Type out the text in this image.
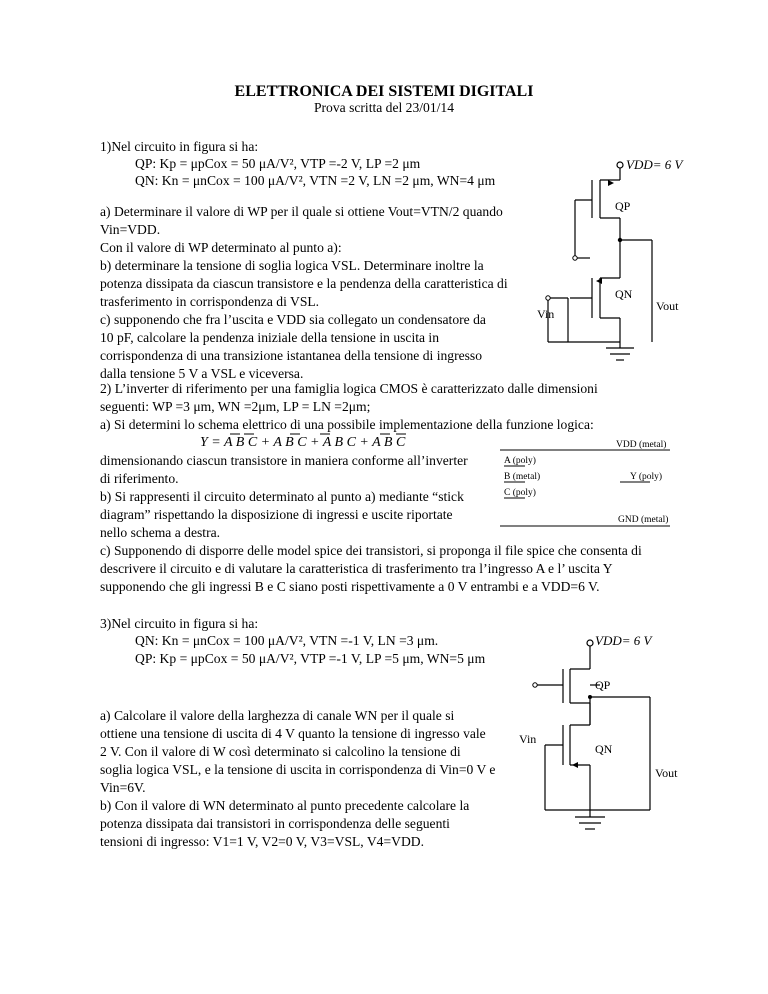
ELETTRONICA DEI SISTEMI DIGITALI
Prova scritta del 23/01/14
1)Nel circuito in figura si ha:
QP: Kp = μpCox = 50 μA/V², VTP =-2 V, LP =2 μm
QN: Kn = μnCox = 100 μA/V², VTN =2 V, LN =2 μm, WN=4 μm
a) Determinare il valore di WP per il quale si ottiene Vout=VTN/2 quando
Vin=VDD.
Con il valore di WP determinato al punto a):
b) determinare la tensione di soglia logica VSL. Determinare inoltre la
potenza dissipata da ciascun transistore e la pendenza della caratteristica di
trasferimento in corrispondenza di VSL.
c) supponendo che fra l’uscita e VDD sia collegato un condensatore da
10 pF, calcolare la pendenza iniziale della tensione in uscita in
corrispondenza di una transizione istantanea della tensione di ingresso
dalla tensione 5 V a VSL e viceversa.
VDD= 6 V
QP
QN
Vin
Vout
2) L’inverter di riferimento per una famiglia logica CMOS è caratterizzato dalle dimensioni
seguenti: WP =3 μm, WN =2μm, LP = LN =2μm;
a) Si determini lo schema elettrico di una possibile implementazione della funzione logica:
Y = A B C + A B C + A B C + A B C
dimensionando ciascun transistore in maniera conforme all’inverter
di riferimento.
b) Si rappresenti il circuito determinato al punto a) mediante “stick
diagram” rispettando la disposizione di ingressi e uscite riportate
nello schema a destra.
VDD (metal)
A (poly)
B (metal)	Y (poly)
C (poly)
GND (metal)
c) Supponendo di disporre delle model spice dei transistori, si proponga il file spice che consenta di
descrivere il circuito e di valutare la caratteristica di trasferimento tra l’ingresso A e l’ uscita Y
supponendo che gli ingressi B e C siano posti rispettivamente a 0 V entrambi e a VDD=6 V.
3)Nel circuito in figura si ha:
QN: Kn = μnCox = 100 μA/V², VTN =-1 V, LN =3 μm.
QP: Kp = μpCox = 50 μA/V², VTP =-1 V, LP =5 μm, WN=5 μm
a) Calcolare il valore della larghezza di canale WN per il quale si
ottiene una tensione di uscita di 4 V quanto la tensione di ingresso vale
2 V. Con il valore di W così determinato si calcolino la tensione di
soglia logica VSL, e la tensione di uscita in corrispondenza di Vin=0 V e
Vin=6V.
b) Con il valore di WN determinato al punto precedente calcolare la
potenza dissipata dai transistori in corrispondenza delle seguenti
tensioni di ingresso: V1=1 V, V2=0 V, V3=VSL, V4=VDD.
VDD= 6 V
QP
QN
Vin
Vout
